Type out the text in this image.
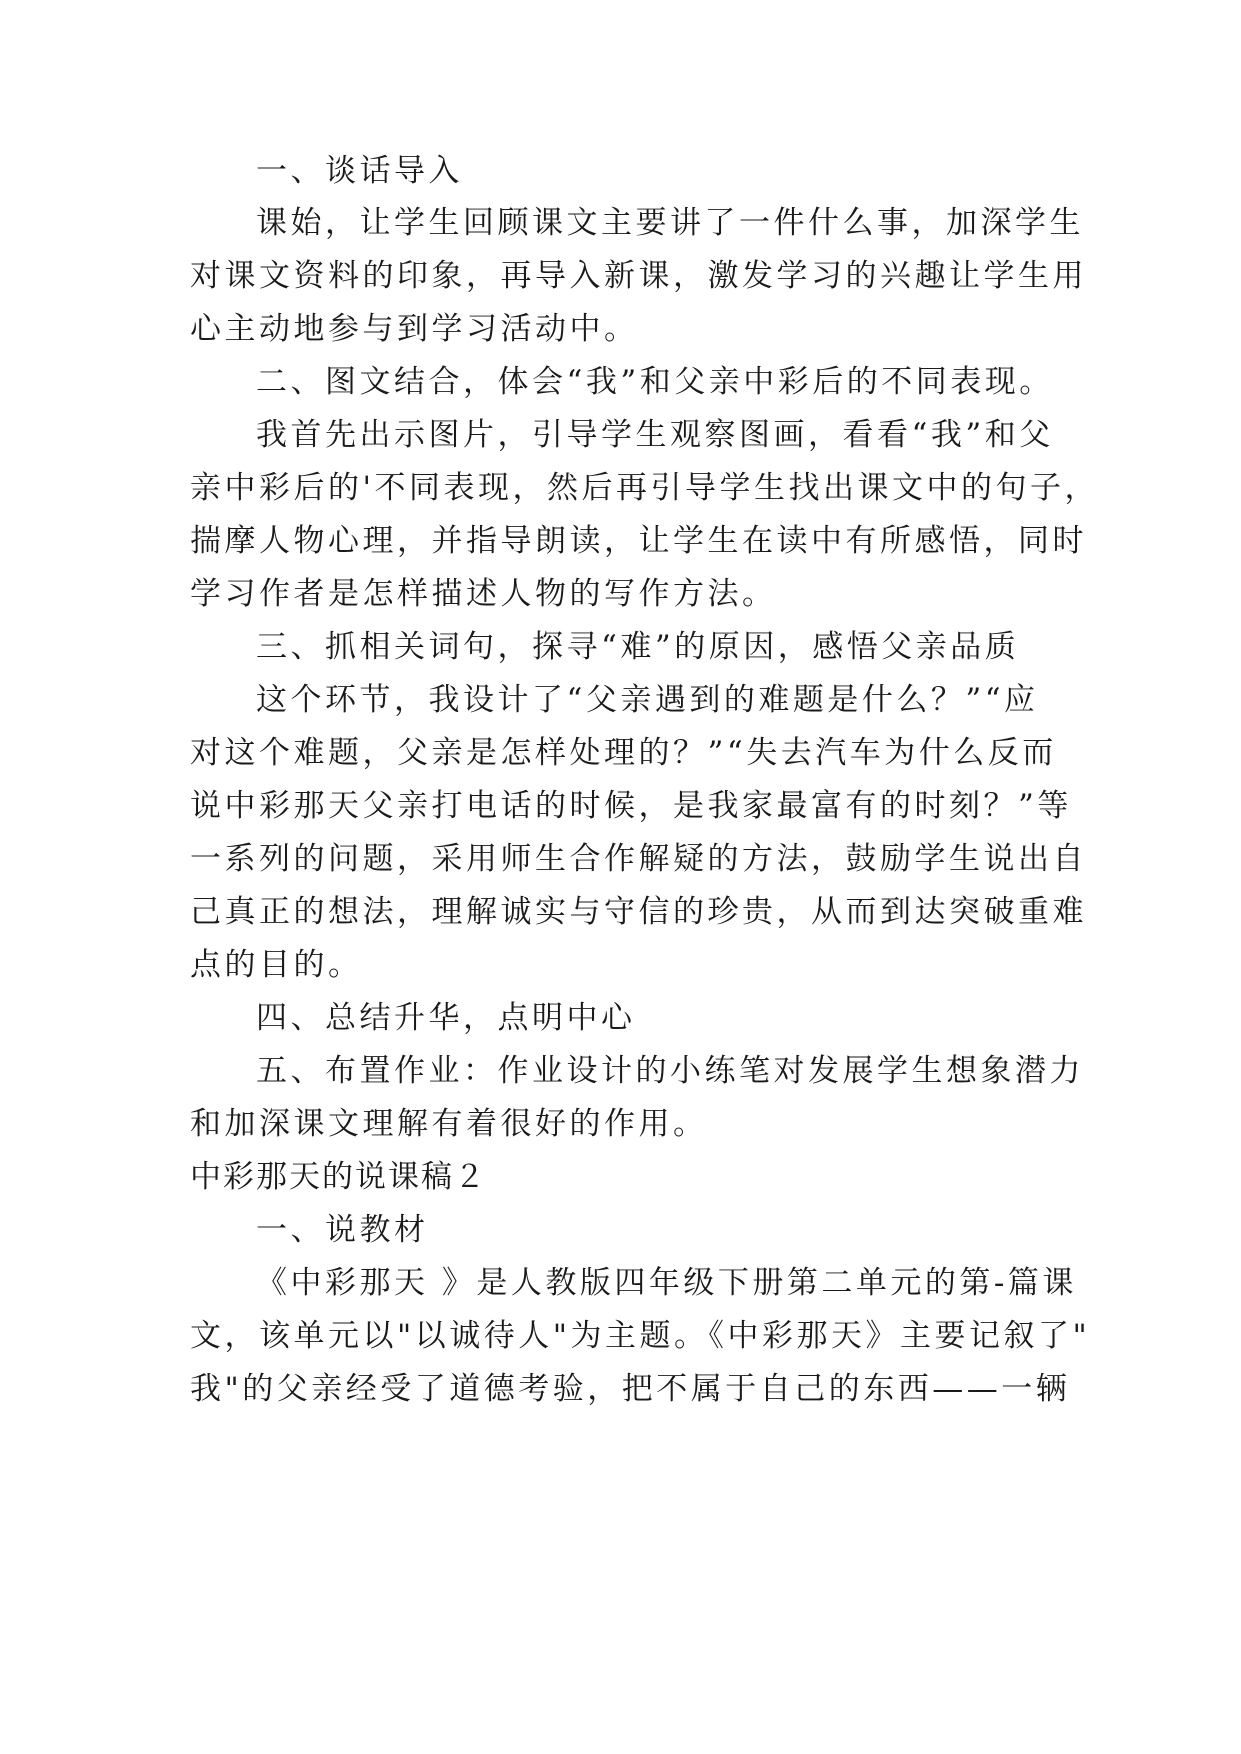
一、谈话导入
课始，让学生回顾课文主要讲了一件什么事，加深学生
对课文资料的印象，再导入新课，激发学习的兴趣让学生用
心主动地参与到学习活动中。
二、图文结合，体会“我”和父亲中彩后的不同表现。
我首先出示图片，引导学生观察图画，看看“我”和父
亲中彩后的'不同表现，然后再引导学生找出课文中的句子，
揣摩人物心理，并指导朗读，让学生在读中有所感悟，同时
学习作者是怎样描述人物的写作方法。
三、抓相关词句，探寻“难”的原因，感悟父亲品质
这个环节，我设计了“父亲遇到的难题是什么？”“应
对这个难题，父亲是怎样处理的？”“失去汽车为什么反而
说中彩那天父亲打电话的时候，是我家最富有的时刻？”等
一系列的问题，采用师生合作解疑的方法，鼓励学生说出自
己真正的想法，理解诚实与守信的珍贵，从而到达突破重难
点的目的。
四、总结升华，点明中心
五、布置作业：作业设计的小练笔对发展学生想象潜力
和加深课文理解有着很好的作用。
中彩那天的说课稿２
一、说教材
《中彩那天 》是人教版四年级下册第二单元的第-篇课
文，该单元以"以诚待人"为主题。《中彩那天》主要记叙了"
我"的父亲经受了道德考验，把不属于自己的东西——一辆
